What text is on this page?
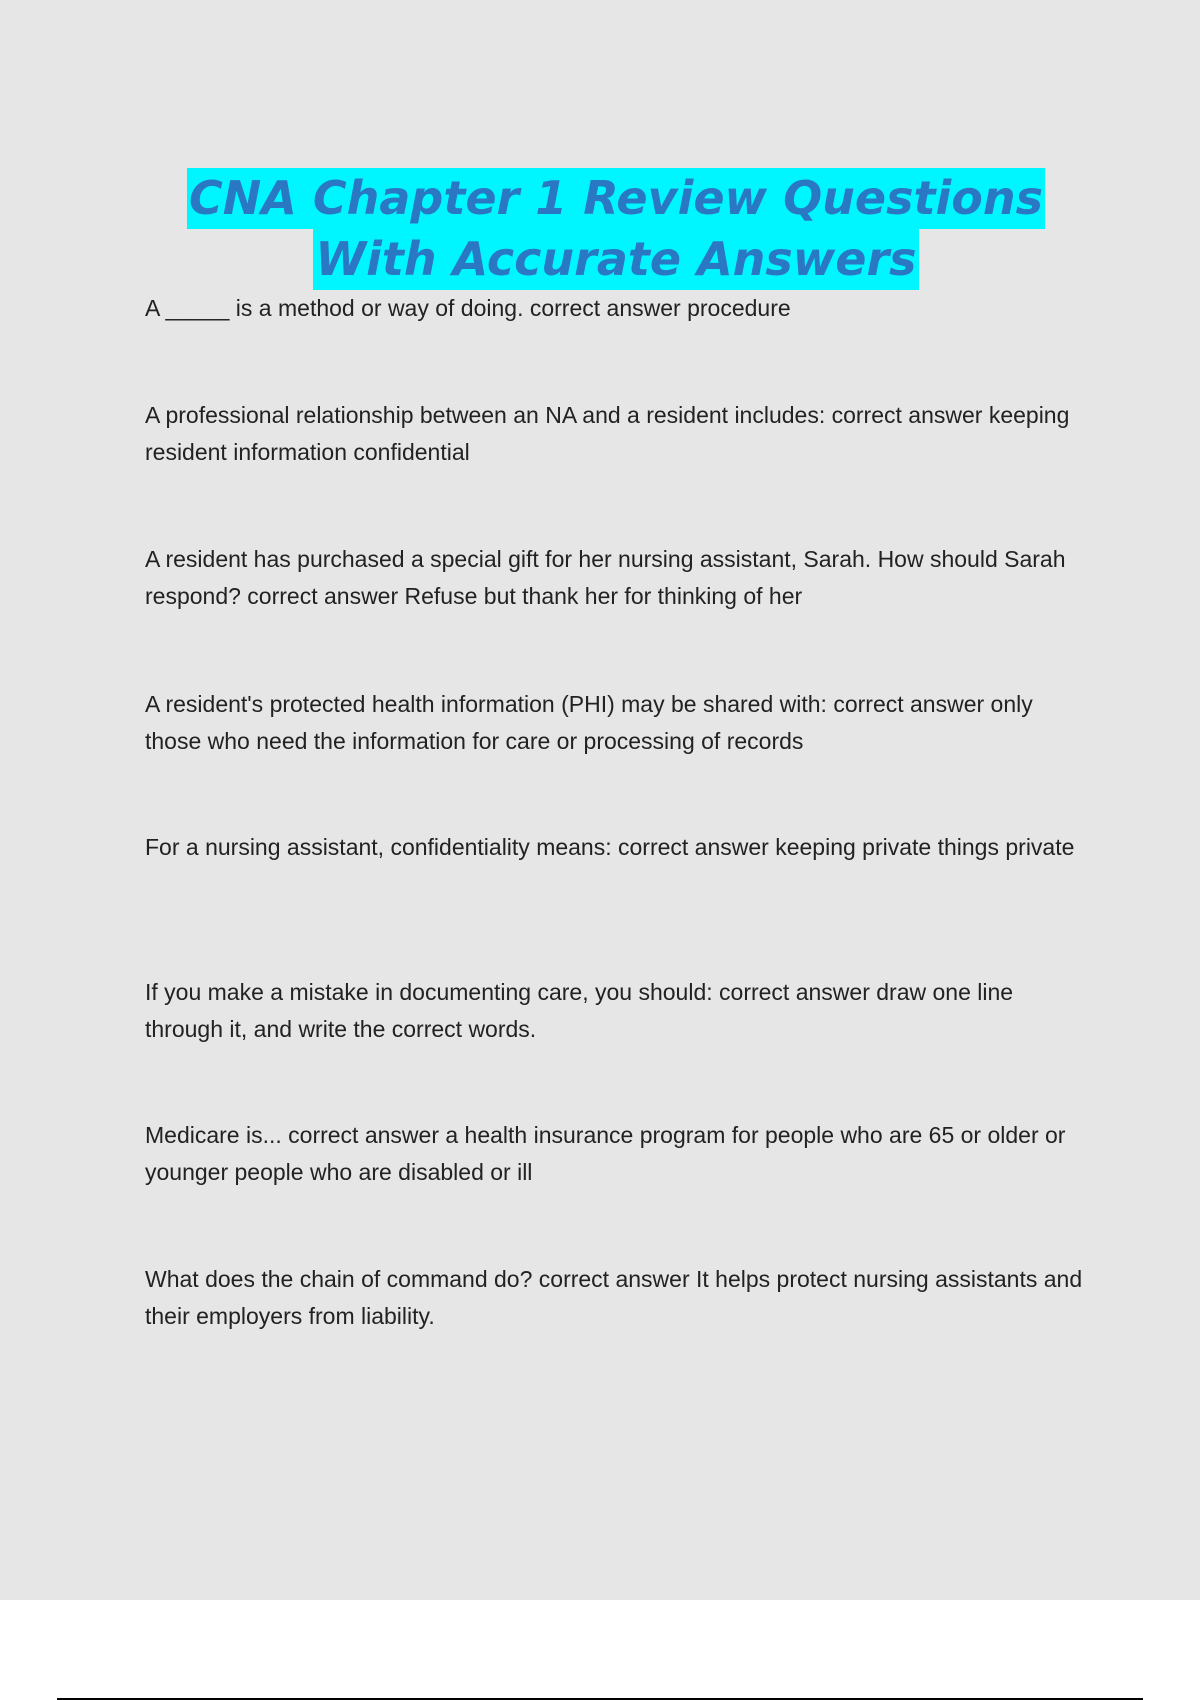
CNA Chapter 1 Review Questions
With Accurate Answers
A _____ is a method or way of doing. correct answer procedure
A professional relationship between an NA and a resident includes: correct answer keeping resident information confidential
A resident has purchased a special gift for her nursing assistant, Sarah. How should Sarah respond? correct answer Refuse but thank her for thinking of her
A resident's protected health information (PHI) may be shared with: correct answer only those who need the information for care or processing of records
For a nursing assistant, confidentiality means: correct answer keeping private things private
If you make a mistake in documenting care, you should: correct answer draw one line through it, and write the correct words.
Medicare is... correct answer a health insurance program for people who are 65 or older or younger people who are disabled or ill
What does the chain of command do? correct answer It helps protect nursing assistants and their employers from liability.
